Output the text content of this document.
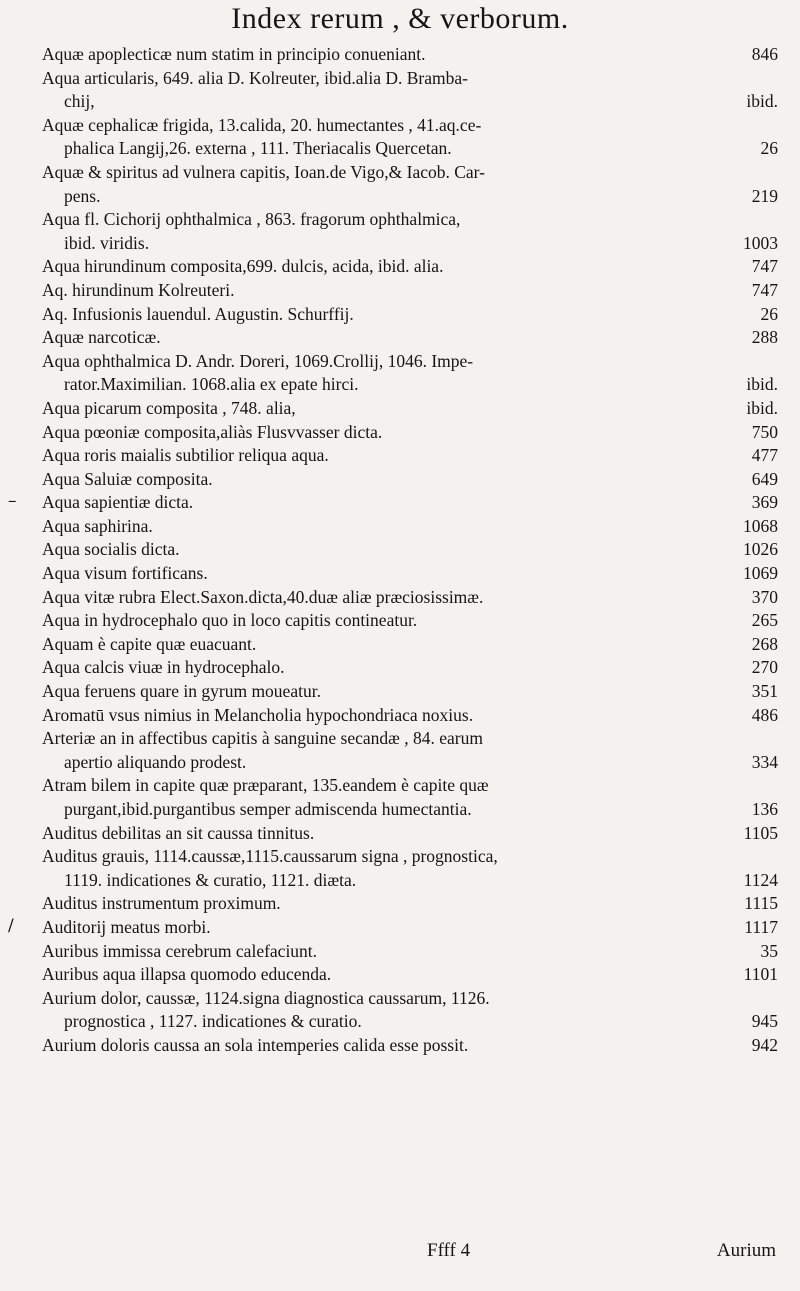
Index rerum , & verborum.
Aquæ apoplecticæ num statim in principio conueniant.	846
Aqua articularis, 649. alia D. Kolreuter, ibid.alia D. Bramba-
chij,	ibid.
Aquæ cephalicæ frigida, 13.calida, 20. humectantes , 41.aq.ce-
phalica Langij,26. externa , 111. Theriacalis Quercetan.	26
Aquæ & spiritus ad vulnera capitis, Ioan.de Vigo,& Iacob. Car-
pens.	219
Aqua fl. Cichorij ophthalmica , 863. fragorum ophthalmica,
ibid. viridis.	1003
Aqua hirundinum composita,699. dulcis, acida, ibid. alia.	747
Aq. hirundinum Kolreuteri.	747
Aq. Infusionis lauendul. Augustin. Schurffij.	26
Aquæ narcoticæ.	288
Aqua ophthalmica D. Andr. Doreri, 1069.Crollij, 1046. Impe-
rator.Maximilian. 1068.alia ex epate hirci.	ibid.
Aqua picarum composita , 748. alia,	ibid.
Aqua pœoniæ composita,aliàs Flusvvasser dicta.	750
Aqua roris maialis subtilior reliqua aqua.	477
Aqua Saluiæ composita.	649
– Aqua sapientiæ dicta.	369
Aqua saphirina.	1068
Aqua socialis dicta.	1026
Aqua visum fortificans.	1069
Aqua vitæ rubra Elect.Saxon.dicta,40.duæ aliæ præciosissimæ.	370
Aqua in hydrocephalo quo in loco capitis contineatur.	265
Aquam è capite quæ euacuant.	268
Aqua calcis viuæ in hydrocephalo.	270
Aqua feruens quare in gyrum moueatur.	351
Aromatū vsus nimius in Melancholia hypochondriaca noxius.	486
Arteriæ an in affectibus capitis à sanguine secandæ , 84. earum
apertio aliquando prodest.	334
Atram bilem in capite quæ præparant, 135.eandem è capite quæ
purgant,ibid.purgantibus semper admiscenda humectantia.	136
Auditus debilitas an sit caussa tinnitus.	1105
Auditus grauis, 1114.caussæ,1115.caussarum signa , prognostica,
1119. indicationes & curatio, 1121. diæta.	1124
Auditus instrumentum proximum.	1115
/ Auditorij meatus morbi.	1117
Auribus immissa cerebrum calefaciunt.	35
Auribus aqua illapsa quomodo educenda.	1101
Aurium dolor, caussæ, 1124.signa diagnostica caussarum, 1126.
prognostica , 1127. indicationes & curatio.	945
Aurium doloris caussa an sola intemperies calida esse possit.	942
Ffff 4	Aurium
